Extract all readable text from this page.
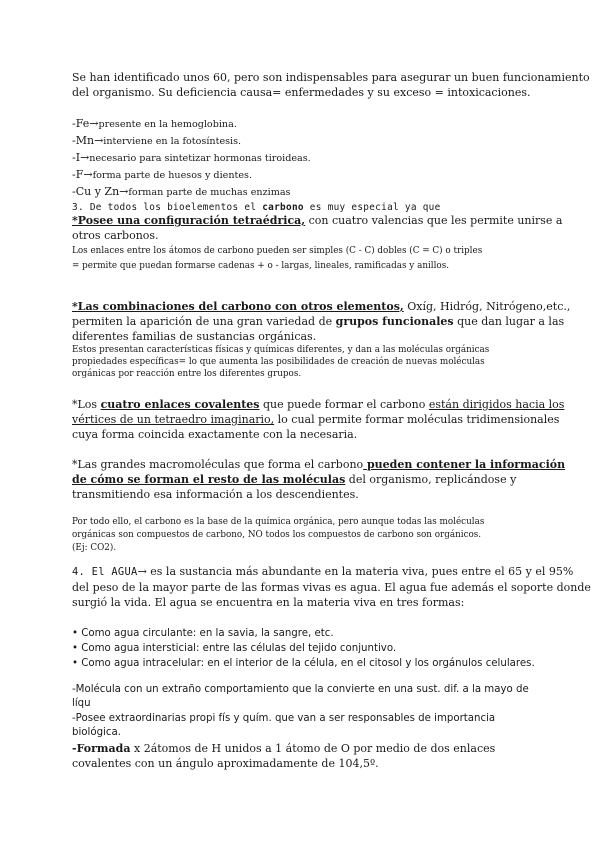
Se han identificado unos 60, pero son indispensables para asegurar un buen funcionamiento
del organismo. Su deficiencia causa= enfermedades y su exceso = intoxicaciones.

-Fe→presente en la hemoglobina.
-Mn→interviene en la fotosíntesis.
-I→necesario para sintetizar hormonas tiroideas.
-F→forma parte de huesos y dientes.
-Cu y Zn→forman parte de muchas enzimas
3. De todos los bioelementos el carbono es muy especial ya que
*Posee una configuración tetraédrica, con cuatro valencias que les permite unirse a
otros carbonos.
Los enlaces entre los átomos de carbono pueden ser simples (C - C) dobles (C = C) o triples
= permite que puedan formarse cadenas + o - largas, lineales, ramificadas y anillos.
*Las combinaciones del carbono con otros elementos, Oxíg, Hidróg, Nitrógeno,etc.,
permiten la aparición de una gran variedad de grupos funcionales que dan lugar a las
diferentes familias de sustancias orgánicas.
Estos presentan características físicas y químicas diferentes, y dan a las moléculas orgánicas
propiedades específicas= lo que aumenta las posibilidades de creación de nuevas moléculas
orgánicas por reacción entre los diferentes grupos.
*Los cuatro enlaces covalentes que puede formar el carbono están dirigidos hacia los
vértices de un tetraedro imaginario, lo cual permite formar moléculas tridimensionales
cuya forma coincida exactamente con la necesaria.
*Las grandes macromoléculas que forma el carbono pueden contener la información
de cómo se forman el resto de las moléculas del organismo, replicándose y
transmitiendo esa información a los descendientes.
Por todo ello, el carbono es la base de la química orgánica, pero aunque todas las moléculas
orgánicas son compuestos de carbono, NO todos los compuestos de carbono son orgánicos.
(Ej: CO2).
4. El AGUA→ es la sustancia más abundante en la materia viva, pues entre el 65 y el 95%
del peso de la mayor parte de las formas vivas es agua. El agua fue además el soporte donde
surgió la vida. El agua se encuentra en la materia viva en tres formas:
• Como agua circulante: en la savia, la sangre, etc.
• Como agua intersticial: entre las células del tejido conjuntivo.
• Como agua intracelular: en el interior de la célula, en el citosol y los orgánulos celulares.

-Molécula con un extraño comportamiento que la convierte en una sust. dif. a la mayo de líqu

-Posee extraordinarias propi fís y quím. que van a ser responsables de importancia biológica.

-Formada x 2átomos de H unidos a 1 átomo de O por medio de dos enlaces
covalentes con un ángulo aproximadamente de 104,5º.
